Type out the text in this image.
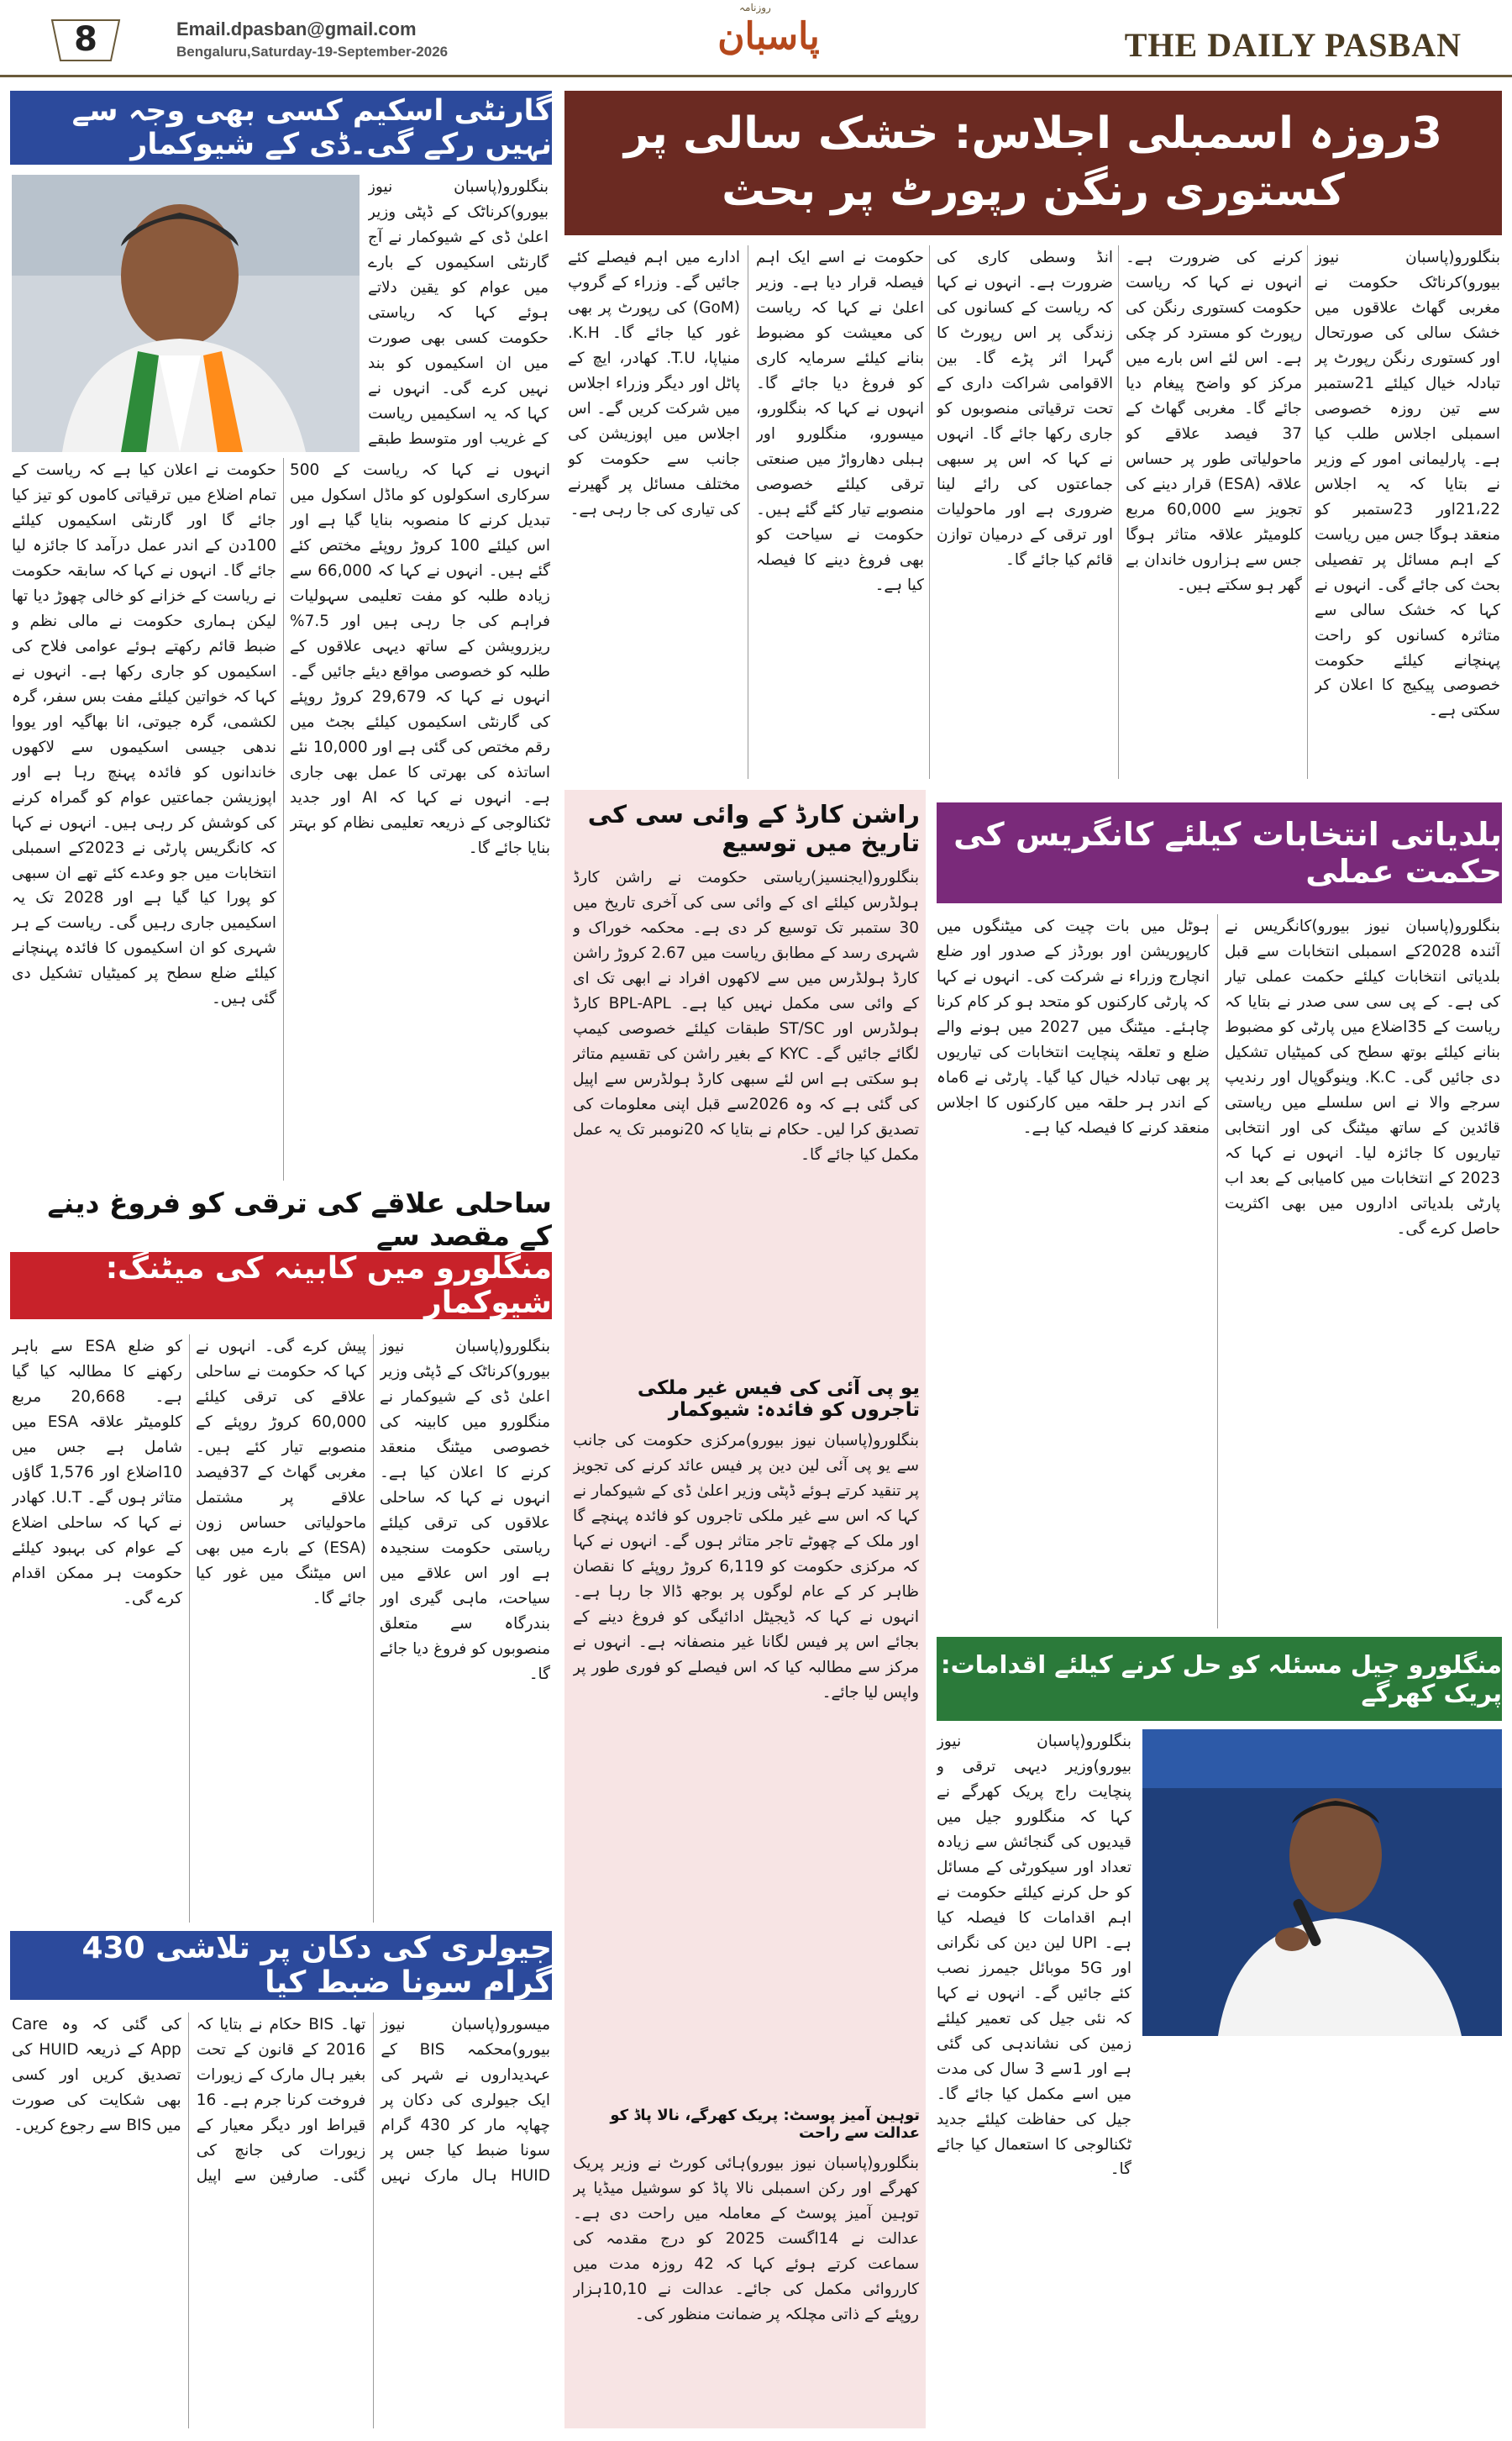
8	Email.dpasban@gmail.com
Bengaluru,Saturday-19-September-2026
روزنامہ
پاسبان	THE DAILY PASBAN
گارنٹی اسکیم کسی بھی وجہ سے نہیں رکے گی۔ڈی کے شیوکمار
بنگلورو(پاسبان نیوز بیورو)کرناٹک کے ڈپٹی وزیر اعلیٰ ڈی کے شیوکمار نے آج گارنٹی اسکیموں کے بارے میں عوام کو یقین دلاتے ہوئے کہا کہ ریاستی حکومت کسی بھی صورت میں ان اسکیموں کو بند نہیں کرے گی۔ انہوں نے کہا کہ یہ اسکیمیں ریاست کے غریب اور متوسط طبقے
انہوں نے کہا کہ ریاست کے 500 سرکاری اسکولوں کو ماڈل اسکول میں تبدیل کرنے کا منصوبہ بنایا گیا ہے اور اس کیلئے 100 کروڑ روپئے مختص کئے گئے ہیں۔ انہوں نے کہا کہ 66,000 سے زیادہ طلبہ کو مفت تعلیمی سہولیات فراہم کی جا رہی ہیں اور 7.5% ریزرویشن کے ساتھ دیہی علاقوں کے طلبہ کو خصوصی مواقع دیئے جائیں گے۔ انہوں نے کہا کہ 29,679 کروڑ روپئے کی گارنٹی اسکیموں کیلئے بجٹ میں رقم مختص کی گئی ہے اور 10,000 نئے اساتذہ کی بھرتی کا عمل بھی جاری ہے۔ انہوں نے کہا کہ AI اور جدید ٹکنالوجی کے ذریعہ تعلیمی نظام کو بہتر بنایا جائے گا۔
حکومت نے اعلان کیا ہے کہ ریاست کے تمام اضلاع میں ترقیاتی کاموں کو تیز کیا جائے گا اور گارنٹی اسکیموں کیلئے 100دن کے اندر عمل درآمد کا جائزہ لیا جائے گا۔ انہوں نے کہا کہ سابقہ حکومت نے ریاست کے خزانے کو خالی چھوڑ دیا تھا لیکن ہماری حکومت نے مالی نظم و ضبط قائم رکھتے ہوئے عوامی فلاح کی اسکیموں کو جاری رکھا ہے۔ انہوں نے کہا کہ خواتین کیلئے مفت بس سفر، گرہ لکشمی، گرہ جیوتی، انا بھاگیہ اور یووا ندھی جیسی اسکیموں سے لاکھوں خاندانوں کو فائدہ پہنچ رہا ہے اور اپوزیشن جماعتیں عوام کو گمراہ کرنے کی کوشش کر رہی ہیں۔ انہوں نے کہا کہ کانگریس پارٹی نے 2023کے اسمبلی انتخابات میں جو وعدے کئے تھے ان سبھی کو پورا کیا گیا ہے اور 2028 تک یہ اسکیمیں جاری رہیں گی۔ ریاست کے ہر شہری کو ان اسکیموں کا فائدہ پہنچانے کیلئے ضلع سطح پر کمیٹیاں تشکیل دی گئی ہیں۔
ساحلی علاقے کی ترقی کو فروغ دینے کے مقصد سے
منگلورو میں کابینہ کی میٹنگ: شیوکمار
بنگلورو(پاسبان نیوز بیورو)کرناٹک کے ڈپٹی وزیر اعلیٰ ڈی کے شیوکمار نے منگلورو میں کابینہ کی خصوصی میٹنگ منعقد کرنے کا اعلان کیا ہے۔ انہوں نے کہا کہ ساحلی علاقوں کی ترقی کیلئے ریاستی حکومت سنجیدہ ہے اور اس علاقے میں سیاحت، ماہی گیری اور بندرگاہ سے متعلق منصوبوں کو فروغ دیا جائے گا۔
پیش کرے گی۔ انہوں نے کہا کہ حکومت نے ساحلی علاقے کی ترقی کیلئے 60,000 کروڑ روپئے کے منصوبے تیار کئے ہیں۔ مغربی گھاٹ کے 37فیصد علاقے پر مشتمل ماحولیاتی حساس زون (ESA) کے بارے میں بھی اس میٹنگ میں غور کیا جائے گا۔
کو ضلع ESA سے باہر رکھنے کا مطالبہ کیا گیا ہے۔ 20,668 مربع کلومیٹر علاقہ ESA میں شامل ہے جس میں 10اضلاع اور 1,576 گاؤں متاثر ہوں گے۔ U.T. کھادر نے کہا کہ ساحلی اضلاع کے عوام کی بہبود کیلئے حکومت ہر ممکن اقدام کرے گی۔
جیولری کی دکان پر تلاشی 430 گرام سونا ضبط کیا
میسورو(پاسبان نیوز بیورو)محکمہ BIS کے عہدیداروں نے شہر کی ایک جیولری کی دکان پر چھاپہ مار کر 430 گرام سونا ضبط کیا جس پر HUID ہال مارک نہیں تھا۔ BIS حکام نے بتایا کہ 2016 کے قانون کے تحت بغیر ہال مارک کے زیورات فروخت کرنا جرم ہے۔ 16 قیراط اور دیگر معیار کے زیورات کی جانچ کی گئی۔ صارفین سے اپیل کی گئی کہ وہ Care App کے ذریعہ HUID کی تصدیق کریں اور کسی بھی شکایت کی صورت میں BIS سے رجوع کریں۔
3روزہ اسمبلی اجلاس: خشک سالی پر کستوری رنگن رپورٹ پر بحث
بنگلورو(پاسبان نیوز بیورو)کرناٹک حکومت نے مغربی گھاٹ علاقوں میں خشک سالی کی صورتحال اور کستوری رنگن رپورٹ پر تبادلہ خیال کیلئے 21ستمبر سے تین روزہ خصوصی اسمبلی اجلاس طلب کیا ہے۔ پارلیمانی امور کے وزیر نے بتایا کہ یہ اجلاس 21،22اور 23ستمبر کو منعقد ہوگا جس میں ریاست کے اہم مسائل پر تفصیلی بحث کی جائے گی۔ انہوں نے کہا کہ خشک سالی سے متاثرہ کسانوں کو راحت پہنچانے کیلئے حکومت خصوصی پیکیج کا اعلان کر سکتی ہے۔
کرنے کی ضرورت ہے۔ انہوں نے کہا کہ ریاست حکومت کستوری رنگن کی رپورٹ کو مسترد کر چکی ہے۔ اس لئے اس بارے میں مرکز کو واضح پیغام دیا جائے گا۔ مغربی گھاٹ کے 37 فیصد علاقے کو ماحولیاتی طور پر حساس علاقہ (ESA) قرار دینے کی تجویز سے 60,000 مربع کلومیٹر علاقہ متاثر ہوگا جس سے ہزاروں خاندان بے گھر ہو سکتے ہیں۔
انڈ وسطی کاری کی ضرورت ہے۔ انہوں نے کہا کہ ریاست کے کسانوں کی زندگی پر اس رپورٹ کا گہرا اثر پڑے گا۔ بین الاقوامی شراکت داری کے تحت ترقیاتی منصوبوں کو جاری رکھا جائے گا۔ انہوں نے کہا کہ اس پر سبھی جماعتوں کی رائے لینا ضروری ہے اور ماحولیات اور ترقی کے درمیان توازن قائم کیا جائے گا۔
حکومت نے اسے ایک اہم فیصلہ قرار دیا ہے۔ وزیر اعلیٰ نے کہا کہ ریاست کی معیشت کو مضبوط بنانے کیلئے سرمایہ کاری کو فروغ دیا جائے گا۔ انہوں نے کہا کہ بنگلورو، میسورو، منگلورو اور ہبلی دھارواڑ میں صنعتی ترقی کیلئے خصوصی منصوبے تیار کئے گئے ہیں۔ حکومت نے سیاحت کو بھی فروغ دینے کا فیصلہ کیا ہے۔
ادارے میں اہم فیصلے کئے جائیں گے۔ وزراء کے گروپ (GoM) کی رپورٹ پر بھی غور کیا جائے گا۔ K.H. منیاپا، T.U. کھادر، ایچ کے پاٹل اور دیگر وزراء اجلاس میں شرکت کریں گے۔ اس اجلاس میں اپوزیشن کی جانب سے حکومت کو مختلف مسائل پر گھیرنے کی تیاری کی جا رہی ہے۔
راشن کارڈ کے وائی سی کی تاریخ میں توسیع
بنگلورو(ایجنسیز)ریاستی حکومت نے راشن کارڈ ہولڈرس کیلئے ای کے وائی سی کی آخری تاریخ میں 30 ستمبر تک توسیع کر دی ہے۔ محکمہ خوراک و شہری رسد کے مطابق ریاست میں 2.67 کروڑ راشن کارڈ ہولڈرس میں سے لاکھوں افراد نے ابھی تک ای کے وائی سی مکمل نہیں کیا ہے۔ BPL-APL کارڈ ہولڈرس اور ST/SC طبقات کیلئے خصوصی کیمپ لگائے جائیں گے۔ KYC کے بغیر راشن کی تقسیم متاثر ہو سکتی ہے اس لئے سبھی کارڈ ہولڈرس سے اپیل کی گئی ہے کہ وہ 2026سے قبل اپنی معلومات کی تصدیق کرا لیں۔ حکام نے بتایا کہ 20نومبر تک یہ عمل مکمل کیا جائے گا۔
یو پی آئی کی فیس غیر ملکی تاجروں کو فائدہ: شیوکمار
بنگلورو(پاسبان نیوز بیورو)مرکزی حکومت کی جانب سے یو پی آئی لین دین پر فیس عائد کرنے کی تجویز پر تنقید کرتے ہوئے ڈپٹی وزیر اعلیٰ ڈی کے شیوکمار نے کہا کہ اس سے غیر ملکی تاجروں کو فائدہ پہنچے گا اور ملک کے چھوٹے تاجر متاثر ہوں گے۔ انہوں نے کہا کہ مرکزی حکومت کو 6,119 کروڑ روپئے کا نقصان ظاہر کر کے عام لوگوں پر بوجھ ڈالا جا رہا ہے۔ انہوں نے کہا کہ ڈیجیٹل ادائیگی کو فروغ دینے کے بجائے اس پر فیس لگانا غیر منصفانہ ہے۔ انہوں نے مرکز سے مطالبہ کیا کہ اس فیصلے کو فوری طور پر واپس لیا جائے۔
توہین آمیز پوسٹ: پریک کھرگے، نالا پاڈ کو عدالت سے راحت
بنگلورو(پاسبان نیوز بیورو)ہائی کورٹ نے وزیر پریک کھرگے اور رکن اسمبلی نالا پاڈ کو سوشیل میڈیا پر توہین آمیز پوسٹ کے معاملہ میں راحت دی ہے۔ عدالت نے 14اگست 2025 کو درج مقدمہ کی سماعت کرتے ہوئے کہا کہ 42 روزہ مدت میں کارروائی مکمل کی جائے۔ عدالت نے 10,10ہزار روپئے کے ذاتی مچلکہ پر ضمانت منظور کی۔
بلدیاتی انتخابات کیلئے کانگریس کی حکمت عملی
بنگلورو(پاسبان نیوز بیورو)کانگریس نے آئندہ 2028کے اسمبلی انتخابات سے قبل بلدیاتی انتخابات کیلئے حکمت عملی تیار کی ہے۔ کے پی سی سی صدر نے بتایا کہ ریاست کے 35اضلاع میں پارٹی کو مضبوط بنانے کیلئے بوتھ سطح کی کمیٹیاں تشکیل دی جائیں گی۔ K.C. وینوگوپال اور رندیپ سرجے والا نے اس سلسلے میں ریاستی قائدین کے ساتھ میٹنگ کی اور انتخابی تیاریوں کا جائزہ لیا۔ انہوں نے کہا کہ 2023 کے انتخابات میں کامیابی کے بعد اب پارٹی بلدیاتی اداروں میں بھی اکثریت حاصل کرے گی۔
ہوٹل میں بات چیت کی میٹنگوں میں کارپوریشن اور بورڈز کے صدور اور ضلع انچارج وزراء نے شرکت کی۔ انہوں نے کہا کہ پارٹی کارکنوں کو متحد ہو کر کام کرنا چاہئے۔ میٹنگ میں 2027 میں ہونے والے ضلع و تعلقہ پنچایت انتخابات کی تیاریوں پر بھی تبادلہ خیال کیا گیا۔ پارٹی نے 6ماہ کے اندر ہر حلقہ میں کارکنوں کا اجلاس منعقد کرنے کا فیصلہ کیا ہے۔
منگلورو جیل مسئلہ کو حل کرنے کیلئے اقدامات: پریک کھرگے
بنگلورو(پاسبان نیوز بیورو)وزیر دیہی ترقی و پنچایت راج پریک کھرگے نے کہا کہ منگلورو جیل میں قیدیوں کی گنجائش سے زیادہ تعداد اور سیکورٹی کے مسائل کو حل کرنے کیلئے حکومت نے اہم اقدامات کا فیصلہ کیا ہے۔ UPI لین دین کی نگرانی اور 5G موبائل جیمرز نصب کئے جائیں گے۔ انہوں نے کہا کہ نئی جیل کی تعمیر کیلئے زمین کی نشاندہی کی گئی ہے اور 1سے 3 سال کی مدت میں اسے مکمل کیا جائے گا۔ جیل کی حفاظت کیلئے جدید ٹکنالوجی کا استعمال کیا جائے گا۔
